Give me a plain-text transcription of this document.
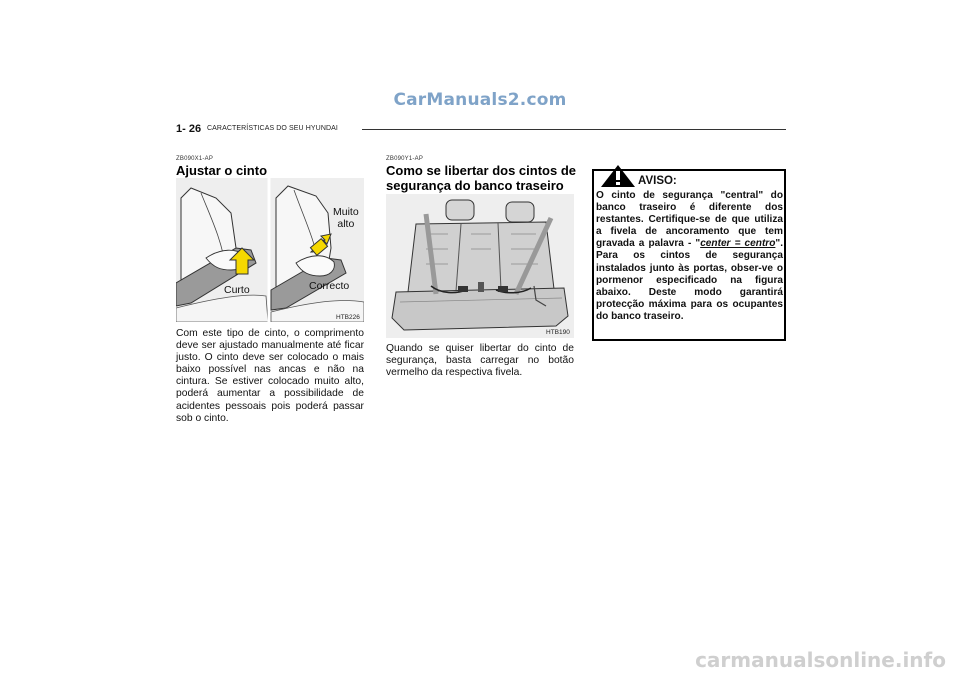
CarManuals2.com
carmanualsonline.info
1- 26 CARACTERÍSTICAS DO SEU HYUNDAI
ZB090X1-AP
Ajustar o cinto
Curto
Muito
alto
Correcto
HTB226
Com este tipo de cinto, o comprimento deve ser ajustado manualmente até ficar justo. O cinto deve ser colocado o mais baixo possível nas ancas e não na cintura. Se estiver colocado muito alto, poderá aumentar a possibilidade de acidentes pessoais pois poderá passar sob o cinto.
ZB090Y1-AP
Como se libertar dos cintos de
segurança do banco traseiro
HTB190
Quando se quiser libertar do cinto de segurança, basta carregar no botão vermelho da respectiva fivela.
AVISO:
O cinto de segurança "central" do banco traseiro é diferente dos restantes. Certifique-se de que utiliza a fivela de ancoramento que tem gravada a palavra - "center = centro". Para os cintos de segurança instalados junto às portas, obser-ve o pormenor especificado na figura abaixo. Deste modo garantirá protecção máxima para os ocupantes do banco traseiro.
